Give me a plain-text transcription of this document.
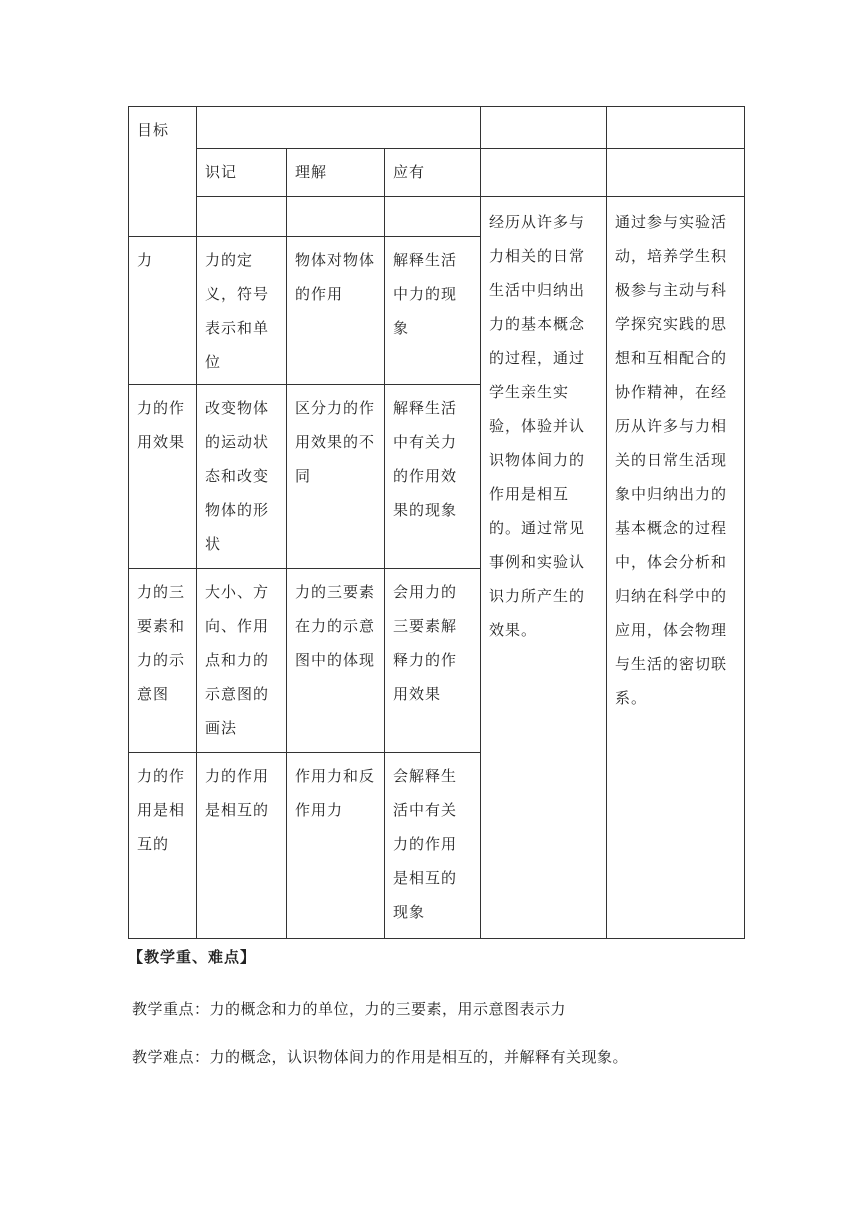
目标					
	识记	理解	应有		
				经历从许多与力相关的日常生活中归纳出力的基本概念的过程，通过学生亲生实验，体验并认识物体间力的作用是相互的。通过常见事例和实验认识力所产生的效果。	通过参与实验活动，培养学生积极参与主动与科学探究实践的思想和互相配合的协作精神，在经历从许多与力相关的日常生活现象中归纳出力的基本概念的过程中，体会分析和归纳在科学中的应用，体会物理与生活的密切联系。
力	力的定义，符号表示和单位	物体对物体的作用	解释生活中力的现象		
力的作用效果	改变物体的运动状态和改变物体的形状	区分力的作用效果的不同	解释生活中有关力的作用效果的现象		
力的三要素和力的示意图	大小、方向、作用点和力的示意图的画法	力的三要素在力的示意图中的体现	会用力的三要素解释力的作用效果		
力的作用是相互的	力的作用是相互的	作用力和反作用力	会解释生活中有关力的作用是相互的现象		
【教学重、难点】
教学重点：力的概念和力的单位，力的三要素，用示意图表示力
教学难点：力的概念，认识物体间力的作用是相互的，并解释有关现象。
